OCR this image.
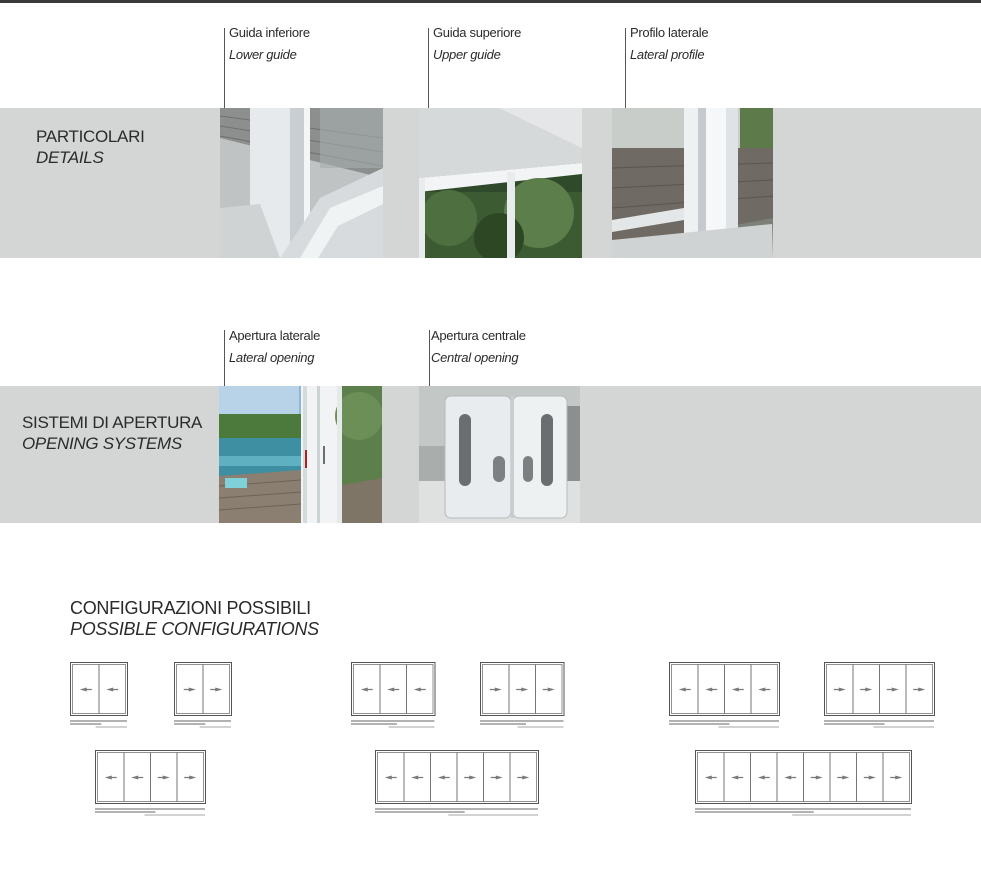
PARTICOLARI
DETAILS
Guida inferiore
Lower guide
Guida superiore
Upper guide
Profilo laterale
Lateral profile
SISTEMI DI APERTURA
OPENING SYSTEMS
Apertura laterale
Lateral opening
Apertura centrale
Central opening
CONFIGURAZIONI POSSIBILI
POSSIBLE CONFIGURATIONS
